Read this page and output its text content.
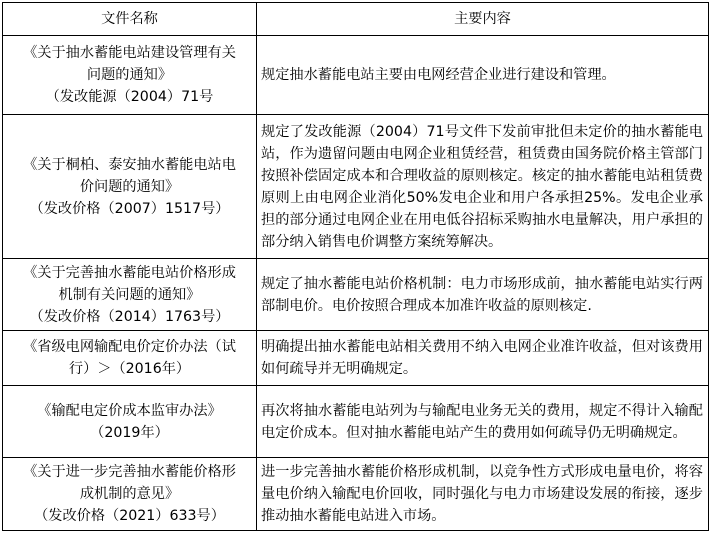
文件名称	主要内容

《关于抽水蓄能电站建设管理有关
问题的通知》
（发改能源（2004）71号	规定抽水蓄能电站主要由电网经营企业进行建设和管理。

《关于桐柏、泰安抽水蓄能电站电
价问题的通知》
（发改价格（2007）1517号）	规定了发改能源（2004）71号文件下发前审批但未定价的抽水蓄能电站，作为遗留问题由电网企业租赁经营，租赁费由国务院价格主管部门按照补偿固定成本和合理收益的原则核定。核定的抽水蓄能电站租赁费原则上由电网企业消化50%发电企业和用户各承担25%。发电企业承担的部分通过电网企业在用电低谷招标采购抽水电量解决，用户承担的部分纳入销售电价调整方案统筹解决。

《关于完善抽水蓄能电站价格形成
机制有关问题的通知》
（发改价格（2014）1763号）	规定了抽水蓄能电站价格机制：电力市场形成前，抽水蓄能电站实行两部制电价。电价按照合理成本加准许收益的原则核定.

《省级电网输配电价定价办法（试
行）＞（2016年）	明确提出抽水蓄能电站相关费用不纳入电网企业准许收益，但对该费用如何疏导并无明确规定。

《输配电定价成本监审办法》
（2019年）	再次将抽水蓄能电站列为与输配电业务无关的费用，规定不得计入输配电定价成本。但对抽水蓄能电站产生的费用如何疏导仍无明确规定。

《关于进一步完善抽水蓄能价格形
成机制的意见》
（发改价格（2021）633号）	进一步完善抽水蓄能价格形成机制，以竞争性方式形成电量电价，将容量电价纳入输配电价回收，同时强化与电力市场建设发展的衔接，逐步推动抽水蓄能电站进入市场。
